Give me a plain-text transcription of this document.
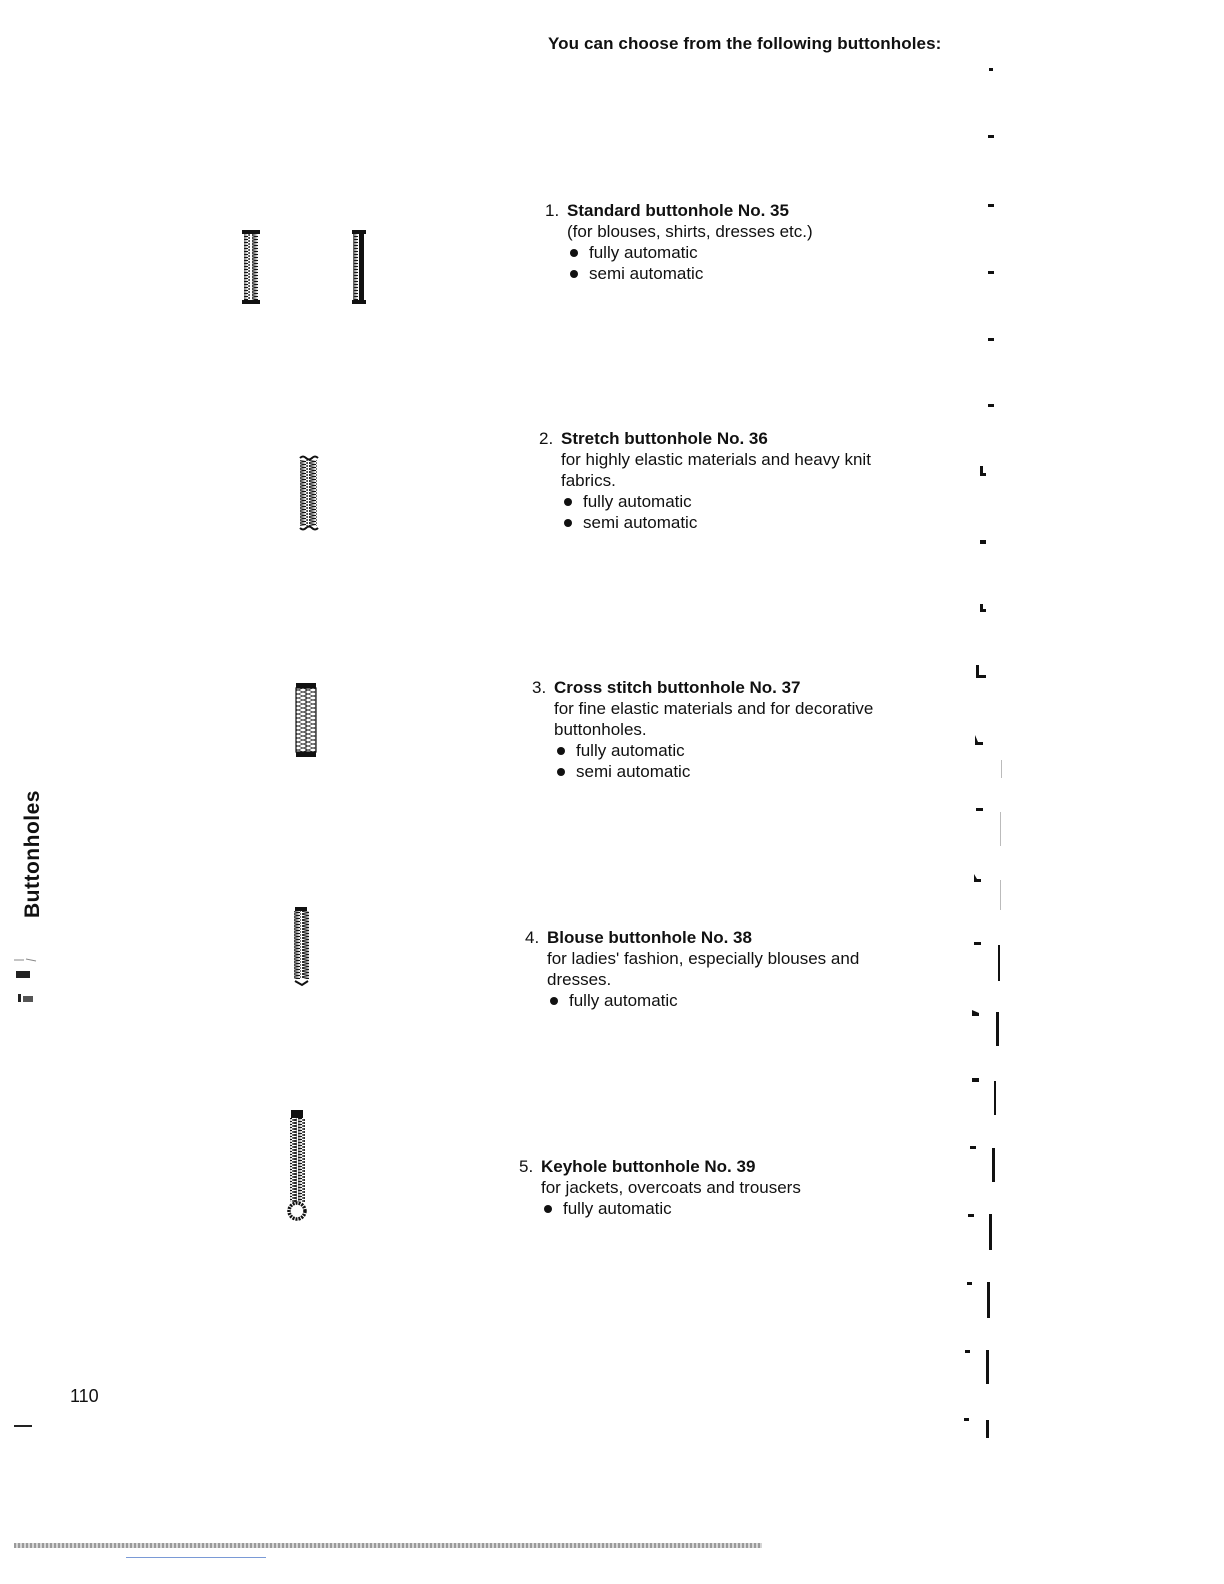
You can choose from the following buttonholes:
1. Standard buttonhole No. 35
(for blouses, shirts, dresses etc.)
fully automatic
semi automatic
2. Stretch buttonhole No. 36
for highly elastic materials and heavy knit fabrics.
fully automatic
semi automatic
3. Cross stitch buttonhole No. 37
for fine elastic materials and for decorative buttonholes.
fully automatic
semi automatic
4. Blouse buttonhole No. 38
for ladies' fashion, especially blouses and dresses.
fully automatic
5. Keyhole buttonhole No. 39
for jackets, overcoats and trousers
fully automatic
Buttonholes
110
